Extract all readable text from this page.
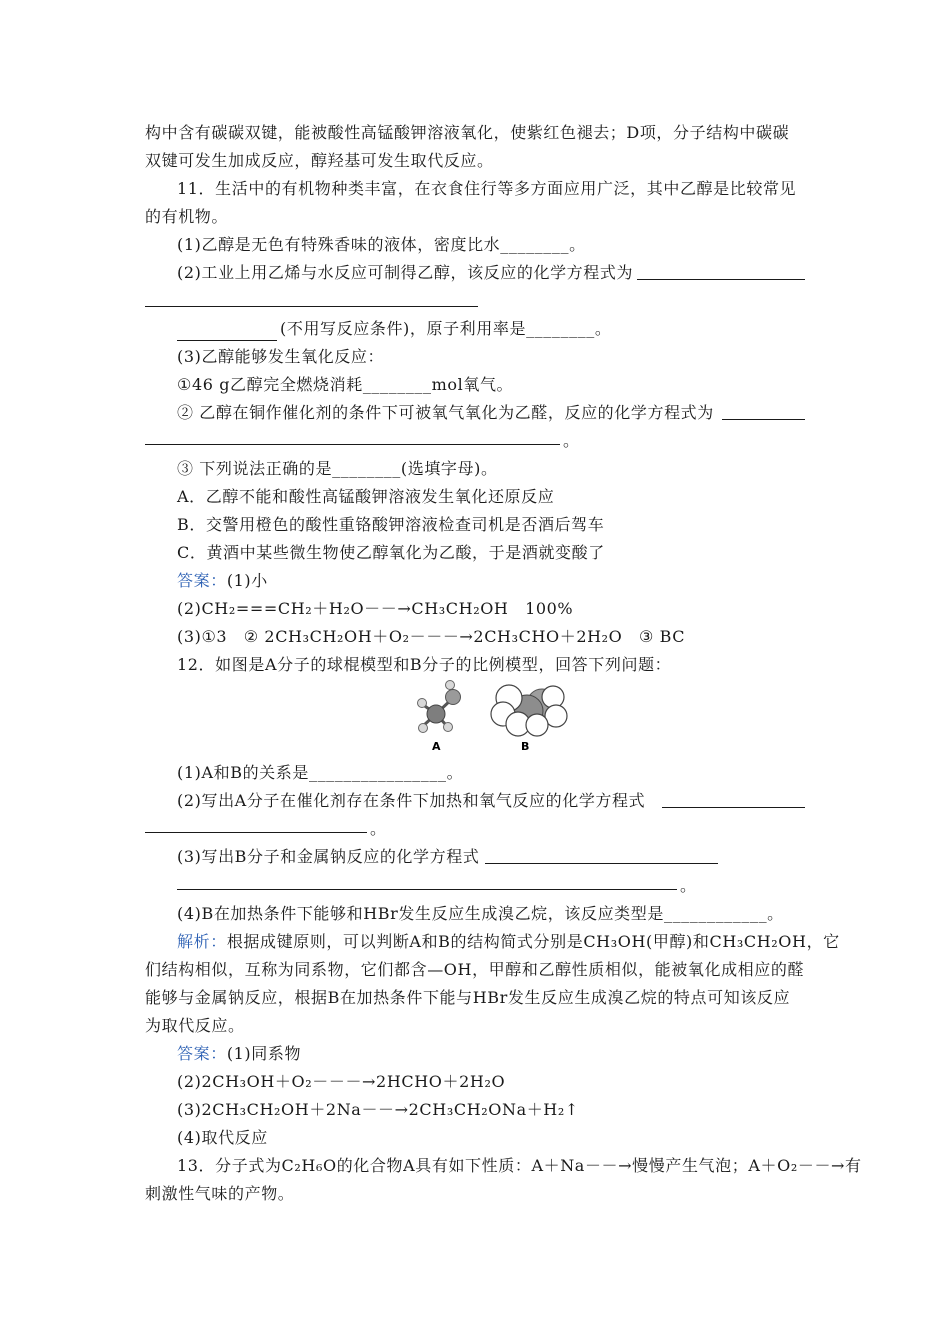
构中含有碳碳双键，能被酸性高锰酸钾溶液氧化，使紫红色褪去；D项，分子结构中碳碳
双键可发生加成反应，醇羟基可发生取代反应。
11．生活中的有机物种类丰富，在衣食住行等多方面应用广泛，其中乙醇是比较常见
的有机物。
(1)乙醇是无色有特殊香味的液体，密度比水________。
(2)工业上用乙烯与水反应可制得乙醇，该反应的化学方程式为
(不用写反应条件)，原子利用率是________。
(3)乙醇能够发生氧化反应：
①46 g乙醇完全燃烧消耗________mol氧气。
② 乙醇在铜作催化剂的条件下可被氧气氧化为乙醛，反应的化学方程式为
。
③ 下列说法正确的是________(选填字母)。
A．乙醇不能和酸性高锰酸钾溶液发生氧化还原反应
B．交警用橙色的酸性重铬酸钾溶液检查司机是否酒后驾车
C．黄酒中某些微生物使乙醇氧化为乙酸，于是酒就变酸了
答案：(1)小
(2)CH₂===CH₂＋H₂O－－→CH₃CH₂OH　100%
(3)①3　② 2CH₃CH₂OH＋O₂－－－→2CH₃CHO＋2H₂O　③ BC
12．如图是A分子的球棍模型和B分子的比例模型，回答下列问题：
A	B
(1)A和B的关系是________________。
(2)写出A分子在催化剂存在条件下加热和氧气反应的化学方程式
。
(3)写出B分子和金属钠反应的化学方程式
。
(4)B在加热条件下能够和HBr发生反应生成溴乙烷，该反应类型是____________。
解析：根据成键原则，可以判断A和B的结构简式分别是CH₃OH(甲醇)和CH₃CH₂OH，它
们结构相似，互称为同系物，它们都含—OH，甲醇和乙醇性质相似，能被氧化成相应的醛
能够与金属钠反应，根据B在加热条件下能与HBr发生反应生成溴乙烷的特点可知该反应
为取代反应。
答案：(1)同系物
(2)2CH₃OH＋O₂－－－→2HCHO＋2H₂O
(3)2CH₃CH₂OH＋2Na－－→2CH₃CH₂ONa＋H₂↑
(4)取代反应
13．分子式为C₂H₆O的化合物A具有如下性质：A＋Na－－→慢慢产生气泡；A＋O₂－－→有
刺激性气味的产物。
